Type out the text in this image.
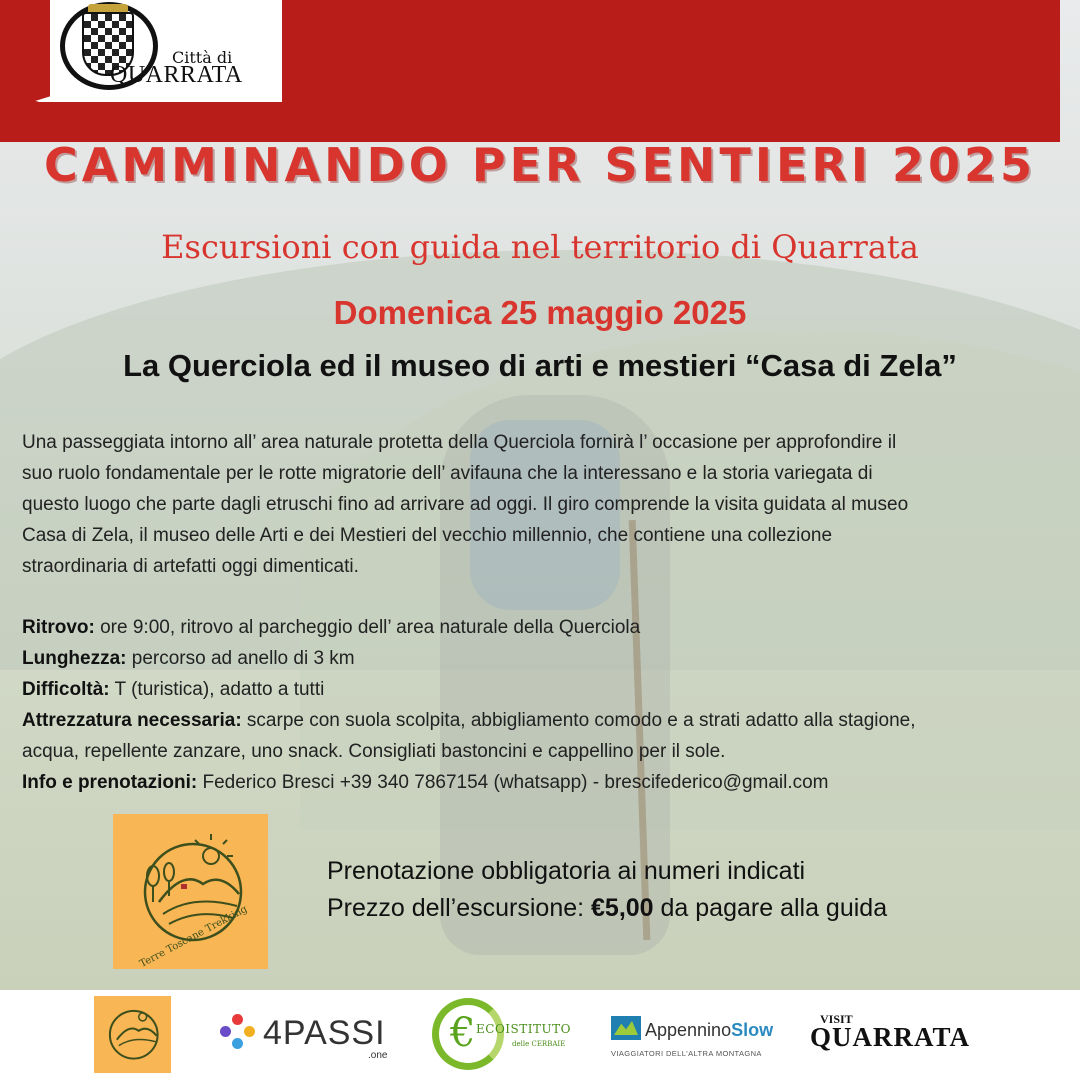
Città di
QUARRATA
CAMMINANDO PER SENTIERI 2025
Escursioni con guida nel territorio di Quarrata
Domenica 25 maggio 2025
La Querciola ed il museo di arti e mestieri “Casa di Zela”
Una passeggiata intorno all’ area naturale protetta della Querciola fornirà l’ occasione per approfondire il
suo ruolo fondamentale per le rotte migratorie dell’ avifauna che la interessano e la storia variegata di
questo luogo che parte dagli etruschi fino ad arrivare ad oggi. Il giro comprende la visita guidata al museo
Casa di Zela, il museo delle Arti e dei Mestieri del vecchio millennio, che contiene una collezione
straordinaria di artefatti oggi dimenticati.
Ritrovo: ore 9:00, ritrovo al parcheggio dell’ area naturale della Querciola
Lunghezza: percorso ad anello di 3 km
Difficoltà: T (turistica), adatto a tutti
Attrezzatura necessaria: scarpe con suola scolpita, abbigliamento comodo e a strati adatto alla stagione,
acqua, repellente zanzare, uno snack. Consigliati bastoncini e cappellino per il sole.
Info e prenotazioni: Federico Bresci +39 340 7867154 (whatsapp) - brescifederico@gmail.com
Terre Toscane Trekking
Prenotazione obbligatoria ai numeri indicati
Prezzo dell’escursione: €5,00 da pagare alla guida
4PASSI
.one € ECOISTITUTO
delle CERBAIE
AppenninoSlow
VIAGGIATORI DELL'ALTRA MONTAGNA
VISIT
QUARRATA
